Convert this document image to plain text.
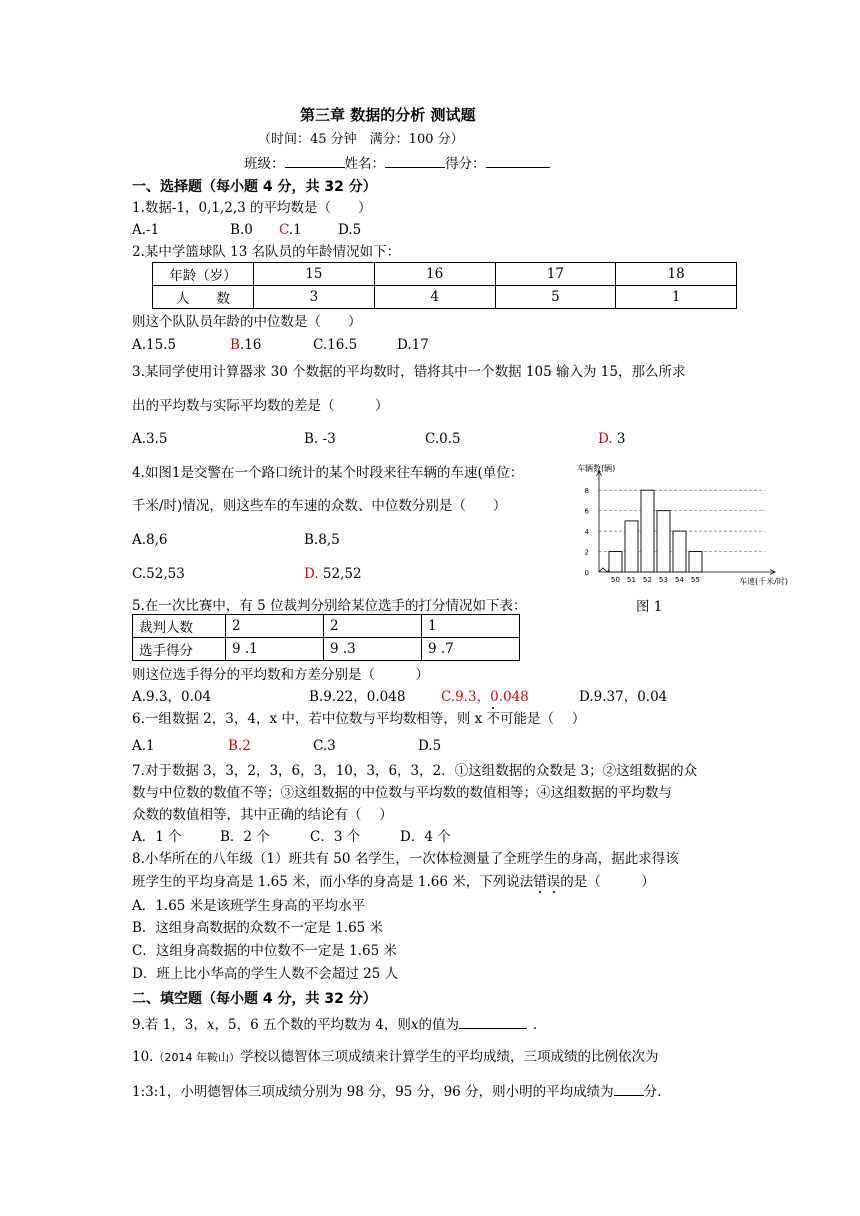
第三章 数据的分析 测试题
（时间：45 分钟　满分：100 分）
班级：	姓名：	得分：
一、选择题（每小题 4 分，共 32 分）
1.数据-1，0,1,2,3 的平均数是（　　）
A.-1	B.0 C.1	D.5
2.某中学篮球队 13 名队员的年龄情况如下：
年龄（岁）	15	16	17	18
人　　数	3	4	5	1
则这个队队员年龄的中位数是（　　）
A.15.5	B.16	C.16.5	D.17
3.某同学使用计算器求 30 个数据的平均数时，错将其中一个数据 105 输入为 15，那么所求
出的平均数与实际平均数的差是（　　　）
A.3.5	B. -3	C.0.5	D. 3
4.如图1是交警在一个路口统计的某个时段来往车辆的车速(单位：
千米/时)情况，则这些车的车速的众数、中位数分别是（　　）
A.8,6	B.8,5
C.52,53	D. 52,52	0
2
4
6
8
50 51 52 53 54 55
车辆数(辆)
车速(千米/时)
图 1
5.在一次比赛中，有 5 位裁判分别给某位选手的打分情况如下表：
裁判人数	2	2	1
选手得分	9 .1	9 .3	9 .7
则这位选手得分的平均数和方差分别是（　　　）
A.9.3，0.04	B.9.22，0.048	C.9.3，0.048	D.9.37，0.04
6.一组数据 2，3，4，x 中，若中位数与平均数相等，则 x 不可能是（　 ）
A.1	B.2	C.3	D.5
7.对于数据 3，3，2，3，6，3，10，3，6，3，2．①这组数据的众数是 3；②这组数据的众
数与中位数的数值不等；③这组数据的中位数与平均数的数值相等；④这组数据的平均数与
众数的数值相等，其中正确的结论有（　 ）
A．1 个	B．2 个	C．3 个	D．4 个
8.小华所在的八年级（1）班共有 50 名学生，一次体检测量了全班学生的身高，据此求得该
班学生的平均身高是 1.65 米，而小华的身高是 1.66 米，下列说法错误的是（　　　）
A．1.65 米是该班学生身高的平均水平
B．这组身高数据的众数不一定是 1.65 米
C．这组身高数据的中位数不一定是 1.65 米
D．班上比小华高的学生人数不会超过 25 人
二、填空题（每小题 4 分，共 32 分）
9.若 1，3，x，5，6 五个数的平均数为 4，则x的值为	．
10.（2014 年鞍山）学校以德智体三项成绩来计算学生的平均成绩，三项成绩的比例依次为
1:3:1，小明德智体三项成绩分别为 98 分，95 分，96 分，则小明的平均成绩为 分.
